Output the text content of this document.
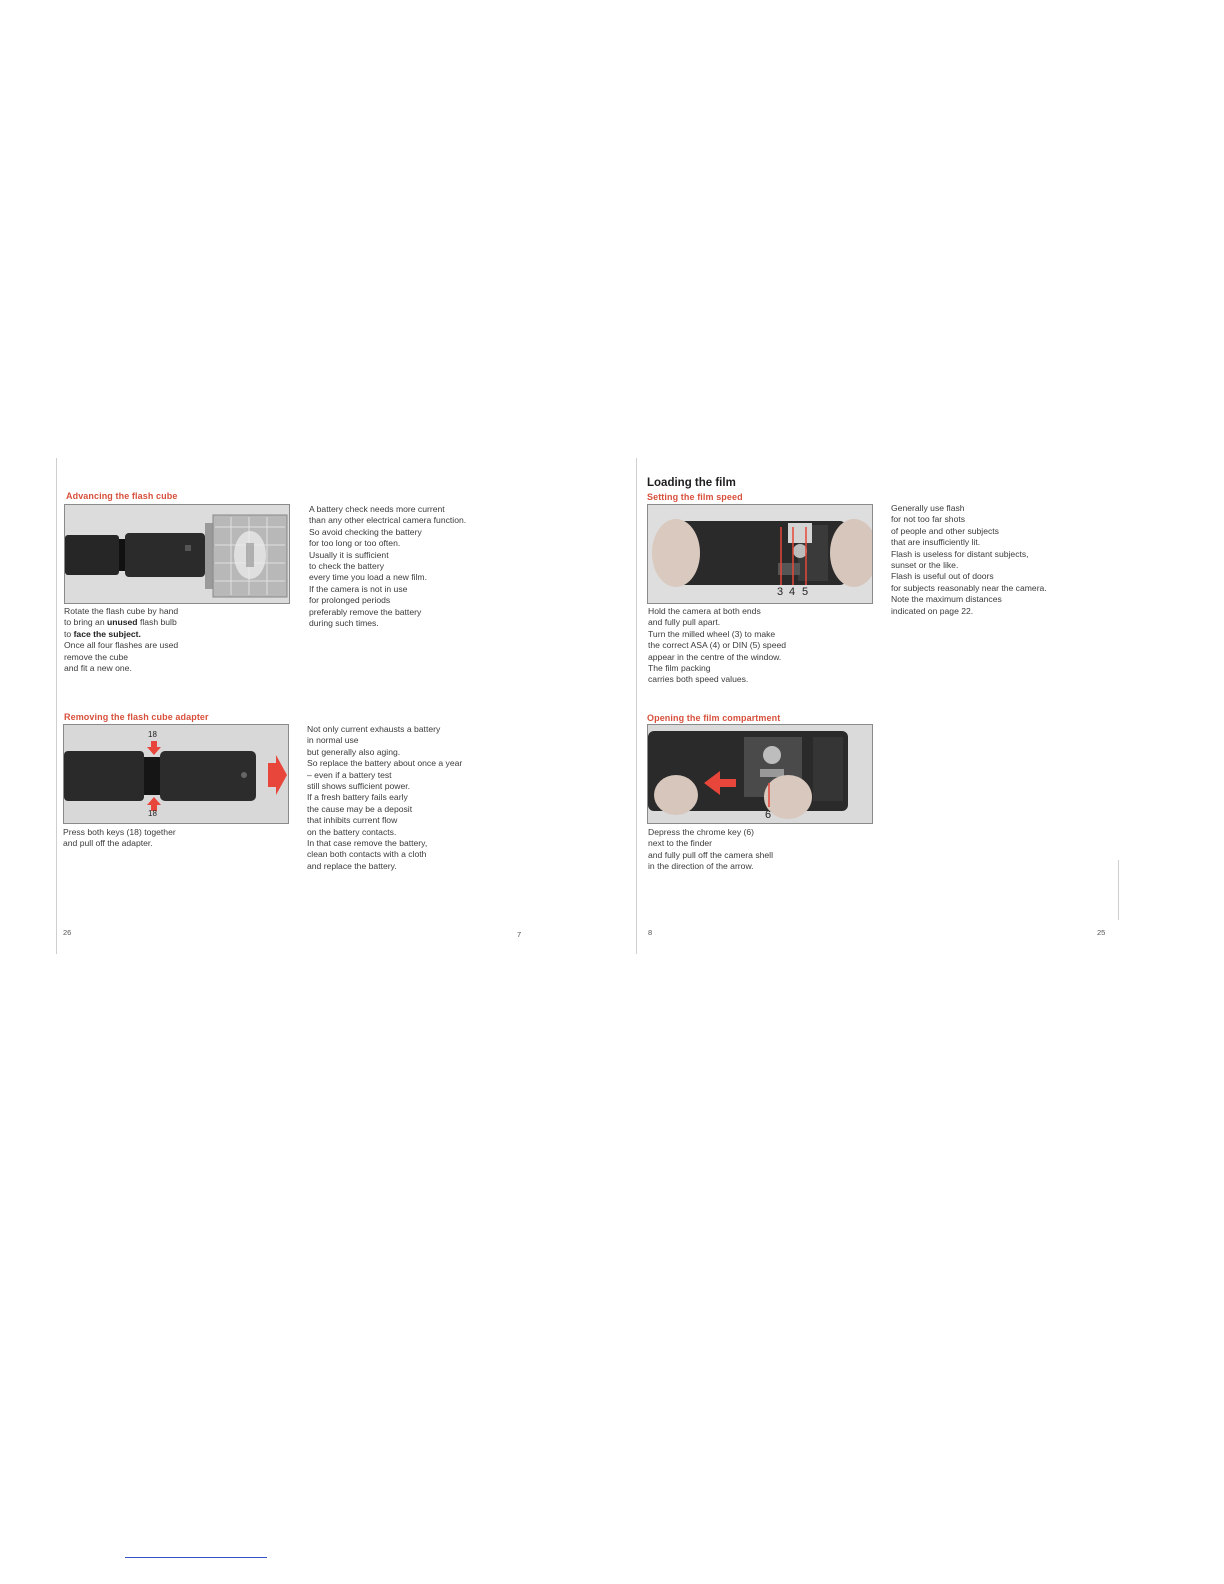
Advancing the flash cube
Rotate the flash cube by hand
to bring an unused flash bulb
to face the subject.
Once all four flashes are used
remove the cube
and fit a new one.
A battery check needs more current
than any other electrical camera function.
So avoid checking the battery
for too long or too often.
Usually it is sufficient
to check the battery
every time you load a new film.
If the camera is not in use
for prolonged periods
preferably remove the battery
during such times.
Removing the flash cube adapter
18
18
Press both keys (18) together
and pull off the adapter.
Not only current exhausts a battery
in normal use
but generally also aging.
So replace the battery about once a year
– even if a battery test
still shows sufficient power.
If a fresh battery fails early
the cause may be a deposit
that inhibits current flow
on the battery contacts.
In that case remove the battery,
clean both contacts with a cloth
and replace the battery.
26	7
Loading the film
Setting the film speed
3 4 5
Hold the camera at both ends
and fully pull apart.
Turn the milled wheel (3) to make
the correct ASA (4) or DIN (5) speed
appear in the centre of the window.
The film packing
carries both speed values.
Generally use flash
for not too far shots
of people and other subjects
that are insufficiently lit.
Flash is useless for distant subjects,
sunset or the like.
Flash is useful out of doors
for subjects reasonably near the camera.
Note the maximum distances
indicated on page 22.
Opening the film compartment
6
Depress the chrome key (6)
next to the finder
and fully pull off the camera shell
in the direction of the arrow.
8	25
